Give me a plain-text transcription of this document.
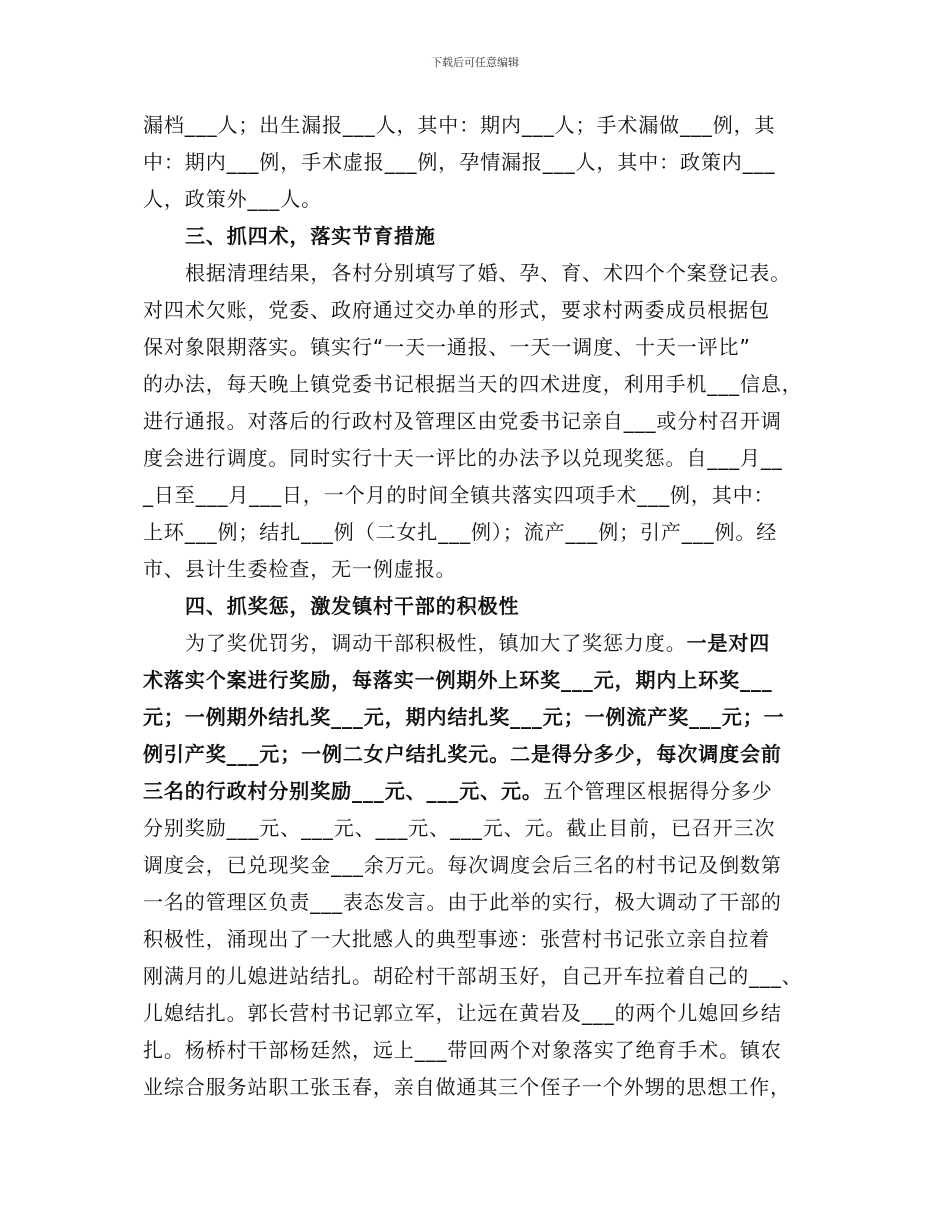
下载后可任意编辑
漏档___人；出生漏报___人，其中：期内___人；手术漏做___例，其
中：期内___例，手术虚报___例，孕情漏报___人，其中：政策内___
人，政策外___人。
三、抓四术，落实节育措施
根据清理结果，各村分别填写了婚、孕、育、术四个个案登记表。
对四术欠账，党委、政府通过交办单的形式，要求村两委成员根据包
保对象限期落实。镇实行“一天一通报、一天一调度、十天一评比”
的办法，每天晚上镇党委书记根据当天的四术进度，利用手机___信息，
进行通报。对落后的行政村及管理区由党委书记亲自___或分村召开调
度会进行调度。同时实行十天一评比的办法予以兑现奖惩。自___月__
_日至___月___日，一个月的时间全镇共落实四项手术___例，其中：
上环___例；结扎___例（二女扎___例）；流产___例；引产___例。经
市、县计生委检查，无一例虚报。
四、抓奖惩，激发镇村干部的积极性
为了奖优罚劣，调动干部积极性，镇加大了奖惩力度。一是对四
术落实个案进行奖励，每落实一例期外上环奖___元，期内上环奖___
元；一例期外结扎奖___元，期内结扎奖___元；一例流产奖___元；一
例引产奖___元；一例二女户结扎奖元。二是得分多少，每次调度会前
三名的行政村分别奖励___元、___元、元。五个管理区根据得分多少
分别奖励___元、___元、___元、___元、元。截止目前，已召开三次
调度会，已兑现奖金___余万元。每次调度会后三名的村书记及倒数第
一名的管理区负责___表态发言。由于此举的实行，极大调动了干部的
积极性，涌现出了一大批感人的典型事迹：张营村书记张立亲自拉着
刚满月的儿媳进站结扎。胡砼村干部胡玉好，自己开车拉着自己的___、
儿媳结扎。郭长营村书记郭立军，让远在黄岩及___的两个儿媳回乡结
扎。杨桥村干部杨廷然，远上___带回两个对象落实了绝育手术。镇农
业综合服务站职工张玉春，亲自做通其三个侄子一个外甥的思想工作，
